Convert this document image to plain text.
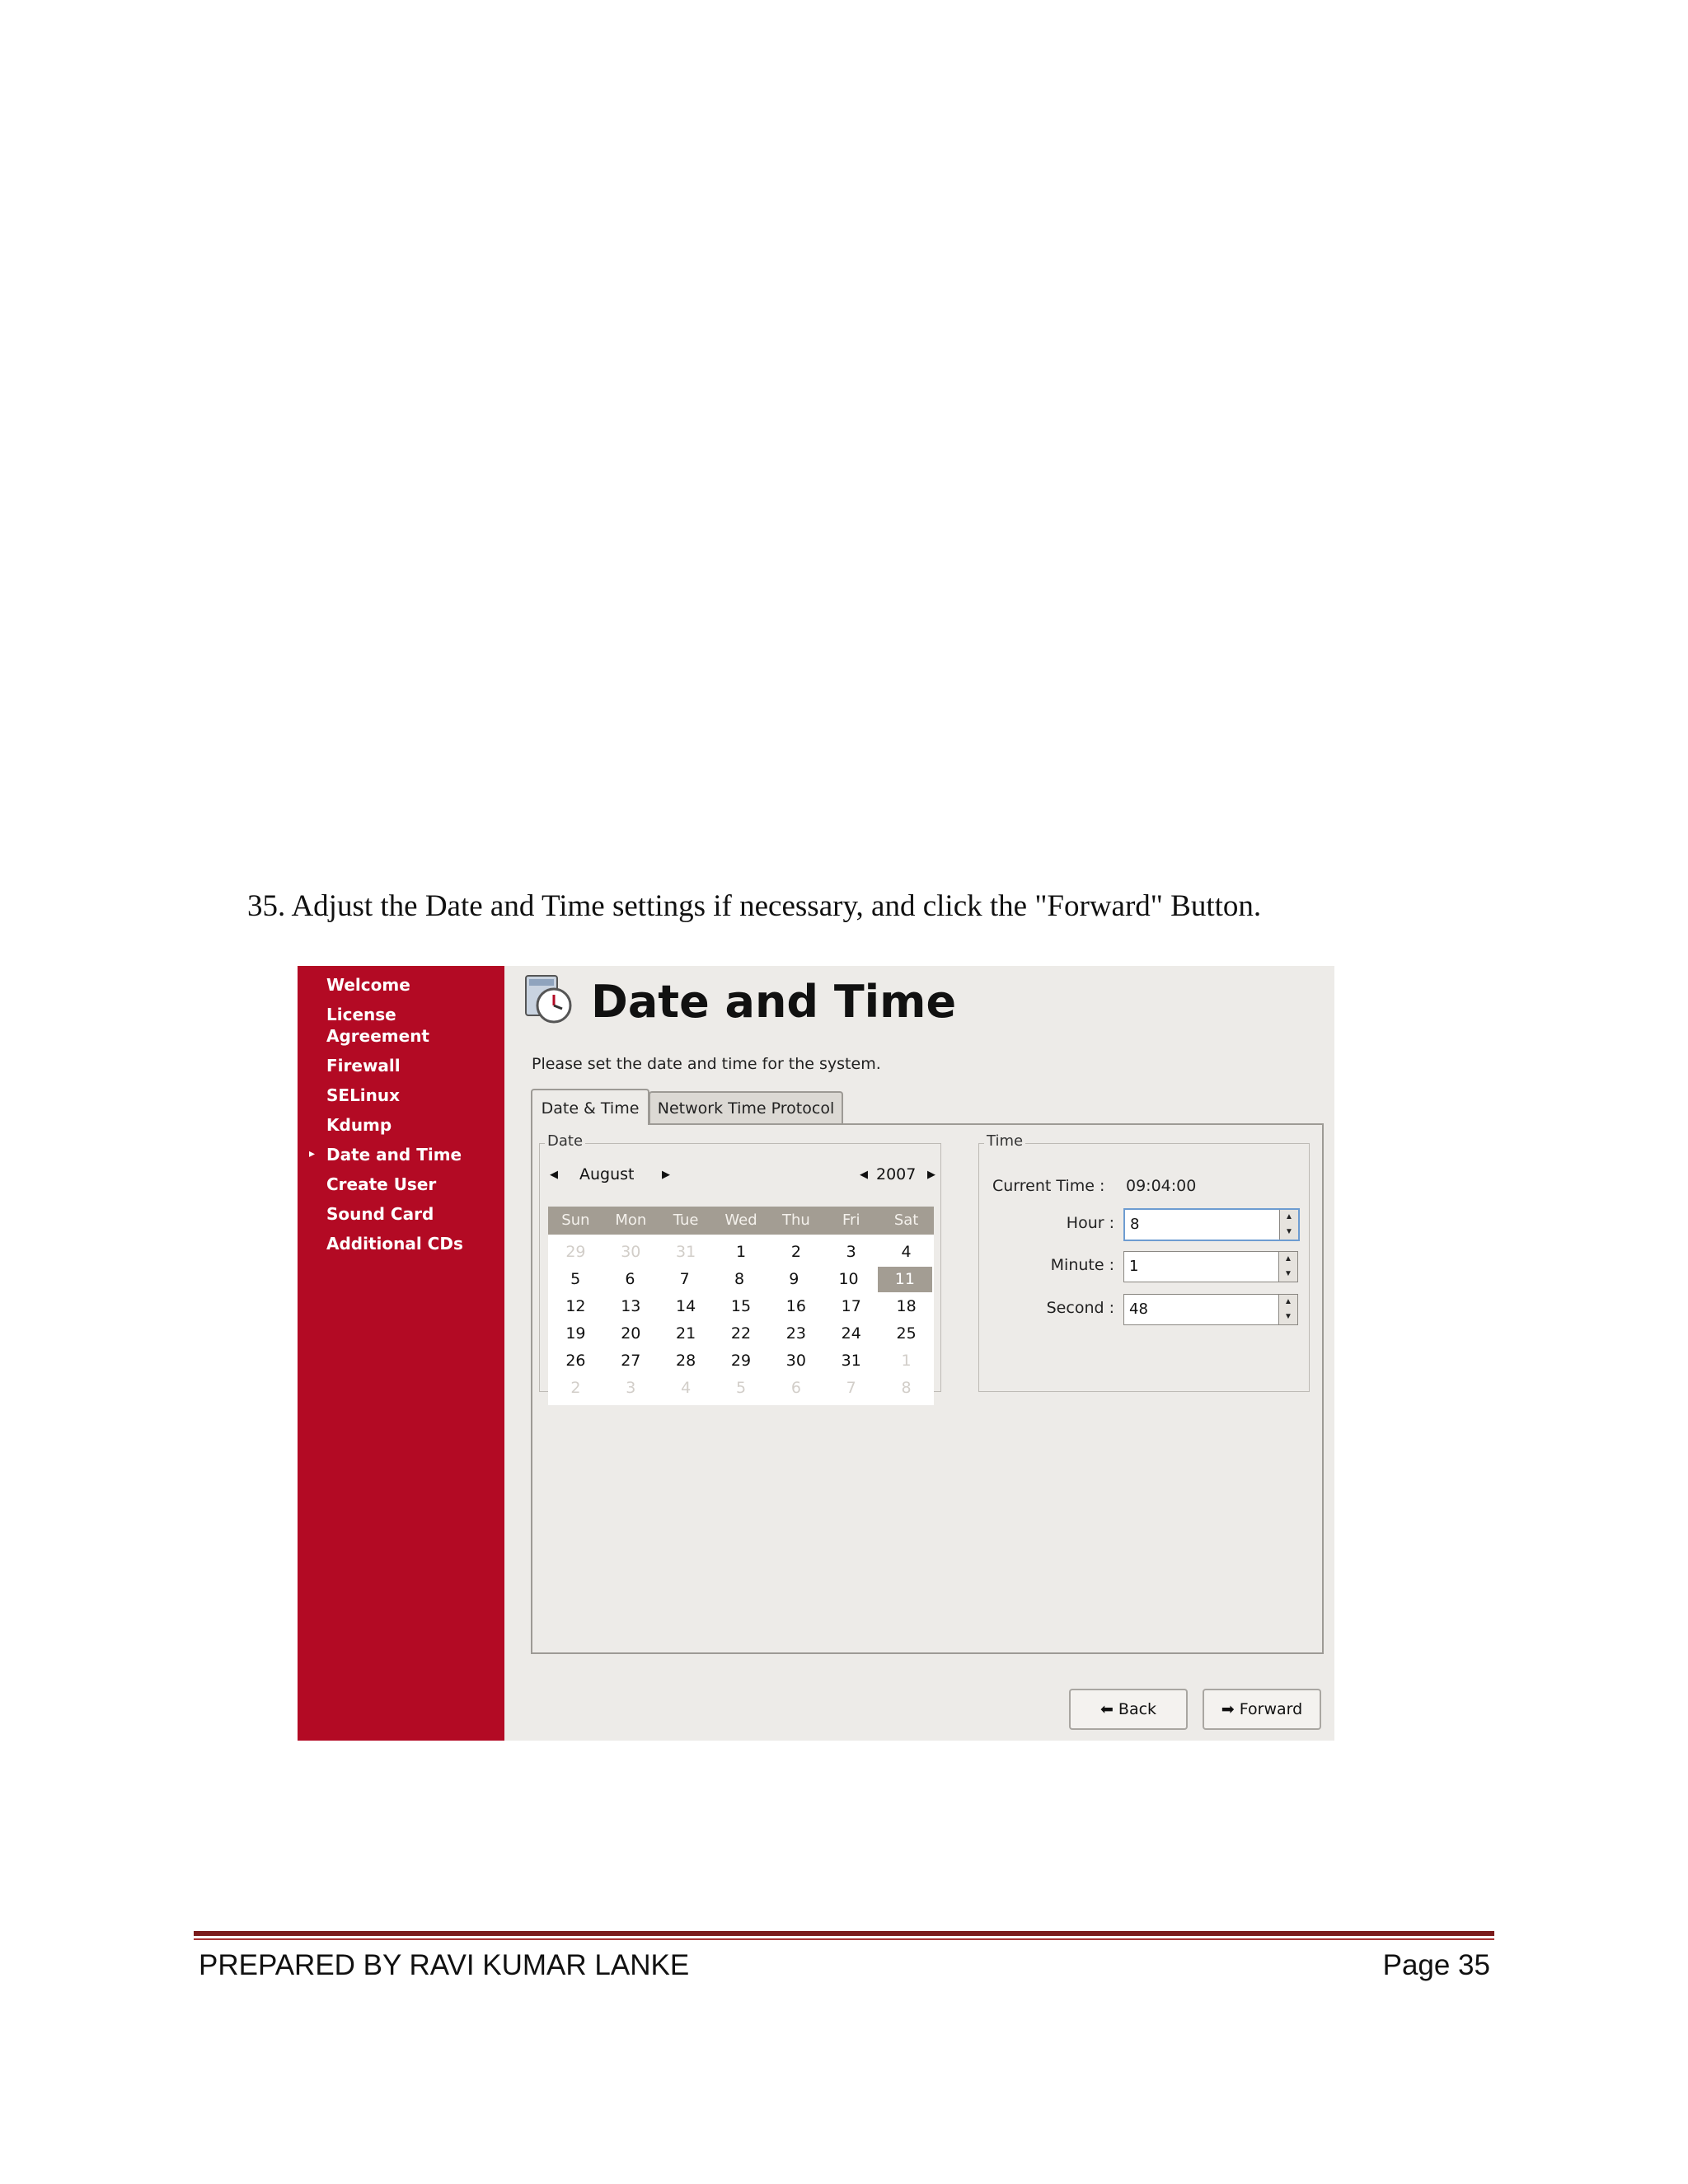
35. Adjust the Date and Time settings if necessary, and click the "Forward" Button.
Welcome
License
Agreement
Firewall
SELinux
Kdump
▸ Date and Time
Create User
Sound Card
Additional CDs
Date and Time
Please set the date and time for the system.
Date & Time	Network Time Protocol
Date
◀ August	▶	◀ 2007 ▶
Sun	Mon	Tue	Wed	Thu	Fri	Sat
29	30	31	1	2	3	4
5	6	7	8	9	10	11
12	13	14	15	16	17	18
19	20	21	22	23	24	25
26	27	28	29	30	31	1
2	3	4	5	6	7	8
Time
Current Time : 09:04:00
Hour : 8	▲
▼
Minute : 1	▲
▼
Second : 48	▲
▼
⬅ Back	➡ Forward
PREPARED BY RAVI KUMAR LANKE	Page 35
